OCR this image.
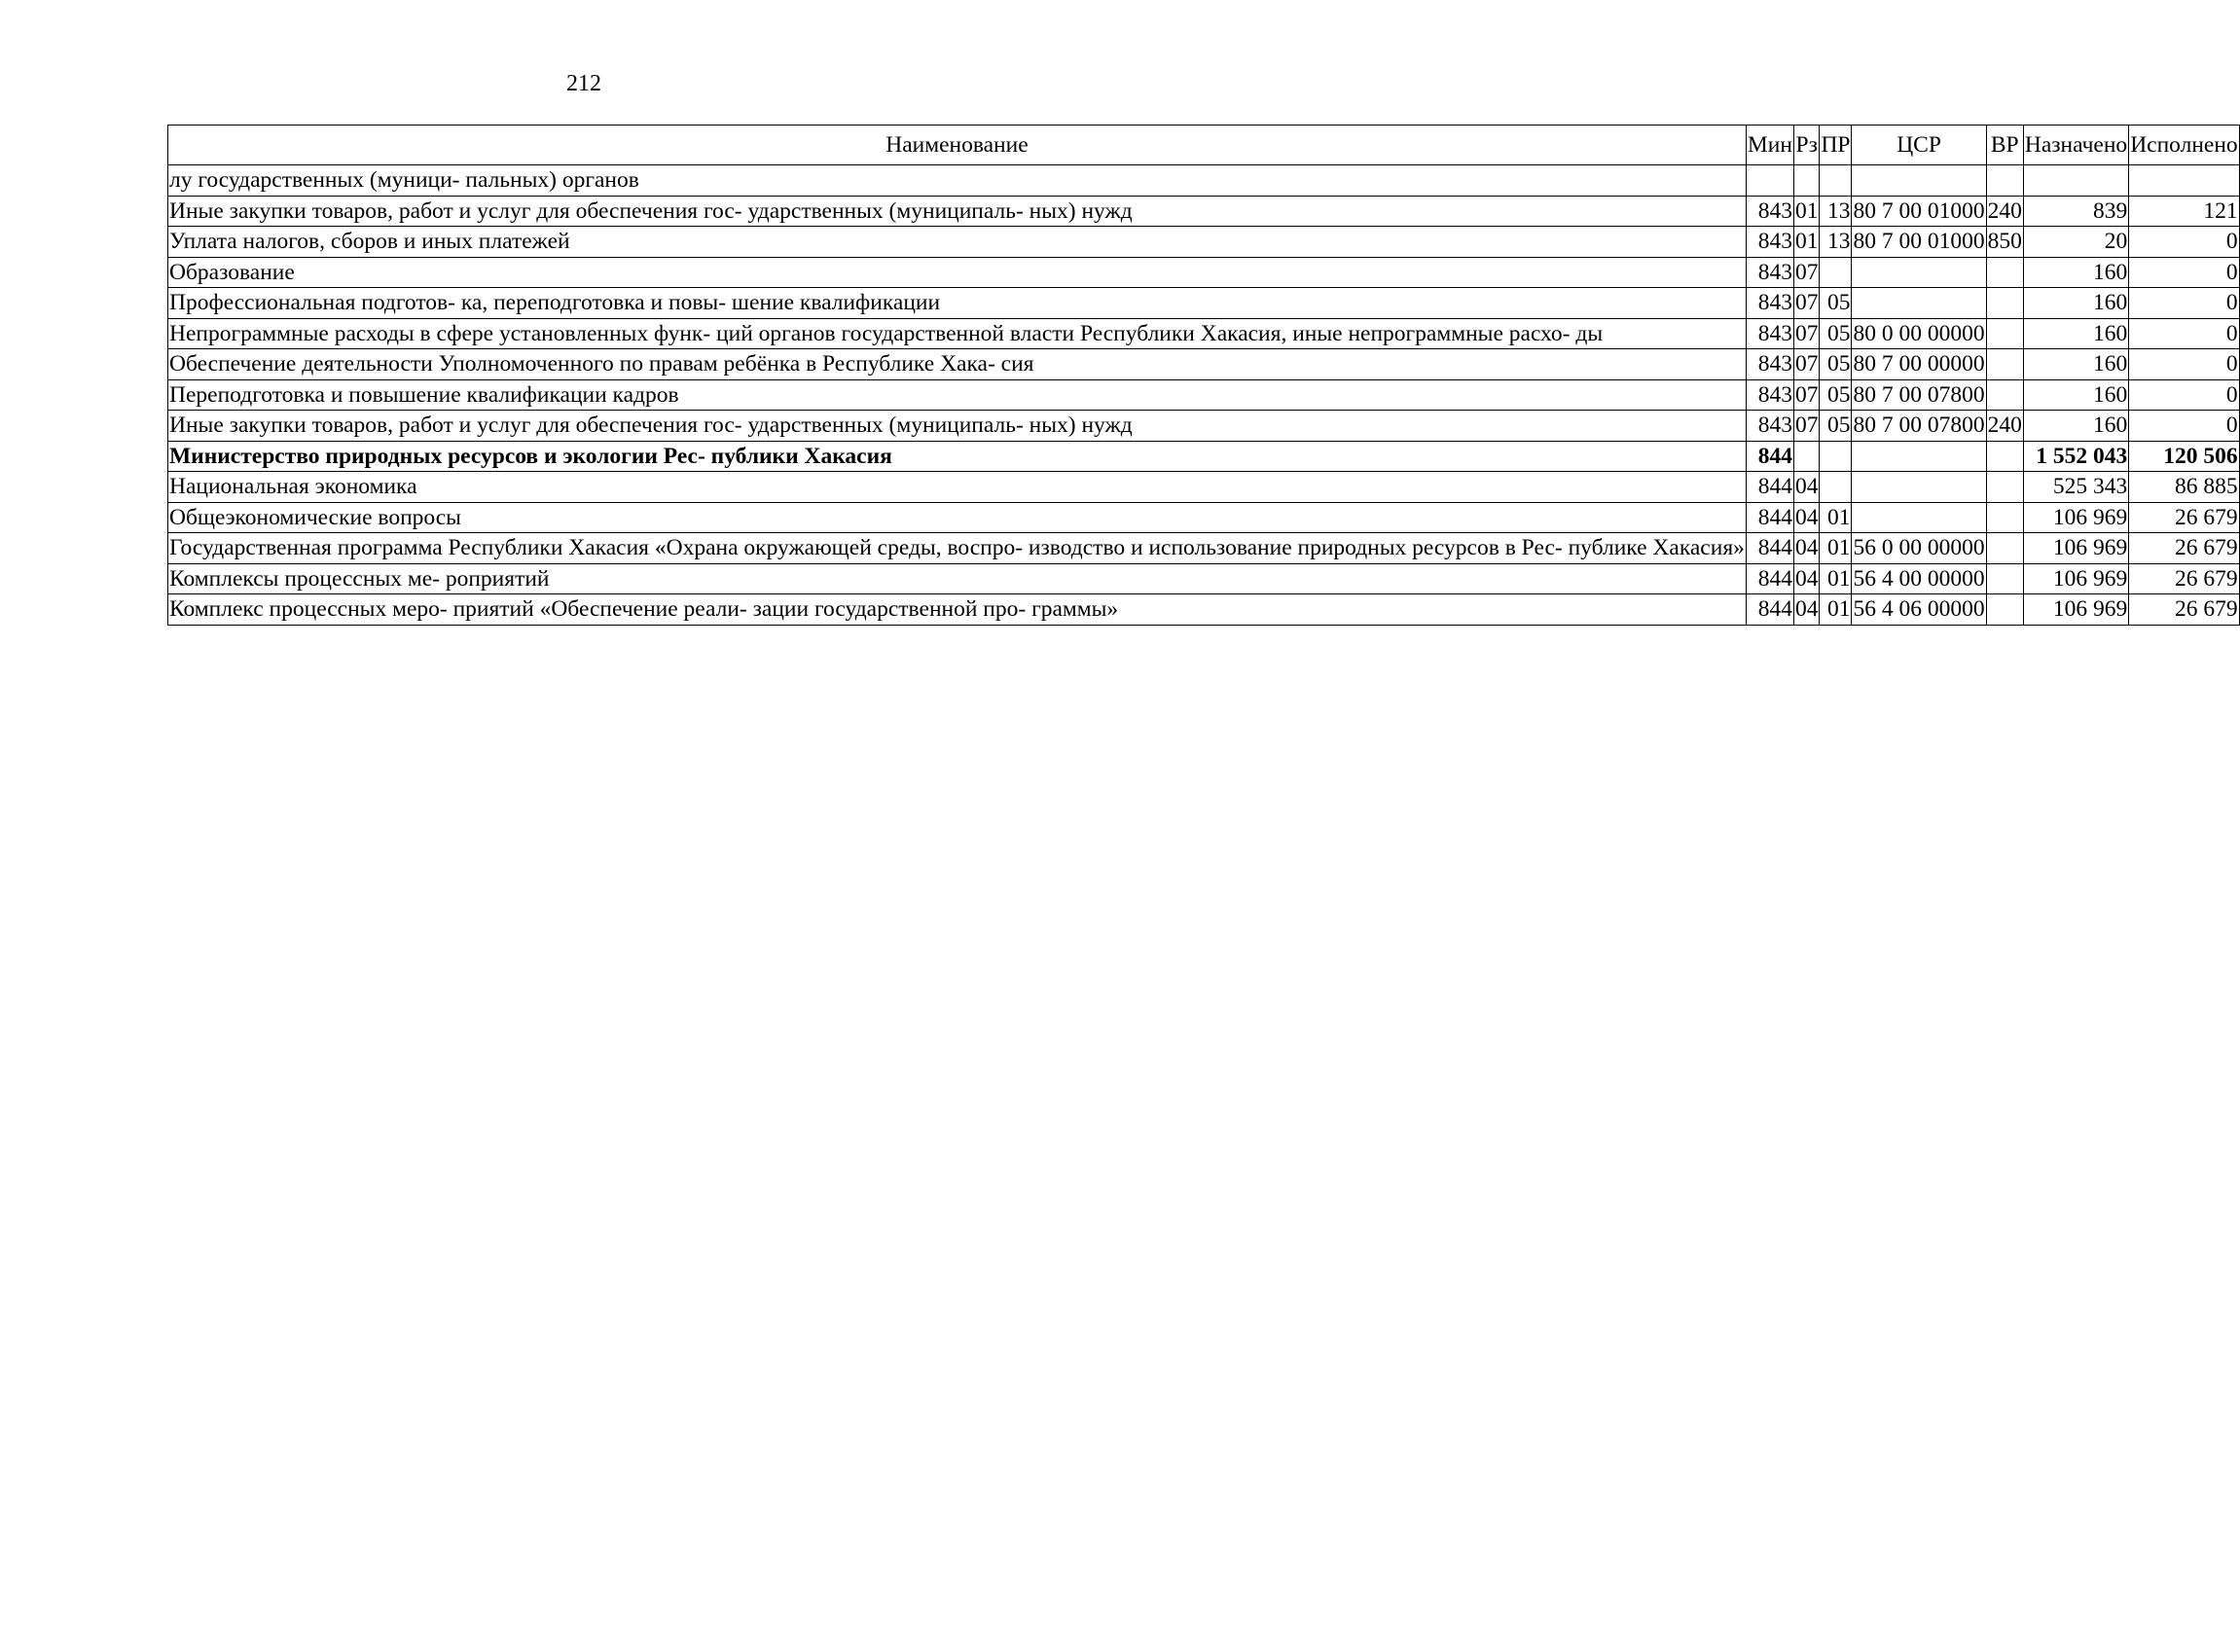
212
Наименование	Мин	Рз	ПР	ЦСР	ВР	Назначено	Исполнено
лу государственных (муници- пальных) органов							
Иные закупки товаров, работ и услуг для обеспечения гос- ударственных (муниципаль- ных) нужд	843	01	13	80 7 00 01000	240	839	121
Уплата налогов, сборов и иных платежей	843	01	13	80 7 00 01000	850	20	0
Образование	843	07				160	0
Профессиональная подготов- ка, переподготовка и повы- шение квалификации	843	07	05			160	0
Непрограммные расходы в сфере установленных функ- ций органов государственной власти Республики Хакасия, иные непрограммные расхо- ды	843	07	05	80 0 00 00000		160	0
Обеспечение деятельности Уполномоченного по правам ребёнка в Республике Хака- сия	843	07	05	80 7 00 00000		160	0
Переподготовка и повышение квалификации кадров	843	07	05	80 7 00 07800		160	0
Иные закупки товаров, работ и услуг для обеспечения гос- ударственных (муниципаль- ных) нужд	843	07	05	80 7 00 07800	240	160	0
Министерство природных ресурсов и экологии Рес- публики Хакасия	844					1 552 043	120 506
Национальная экономика	844	04				525 343	86 885
Общеэкономические вопросы	844	04	01			106 969	26 679
Государственная программа Республики Хакасия «Охрана окружающей среды, воспро- изводство и использование природных ресурсов в Рес- публике Хакасия»	844	04	01	56 0 00 00000		106 969	26 679
Комплексы процессных ме- роприятий	844	04	01	56 4 00 00000		106 969	26 679
Комплекс процессных меро- приятий «Обеспечение реали- зации государственной про- граммы»	844	04	01	56 4 06 00000		106 969	26 679
